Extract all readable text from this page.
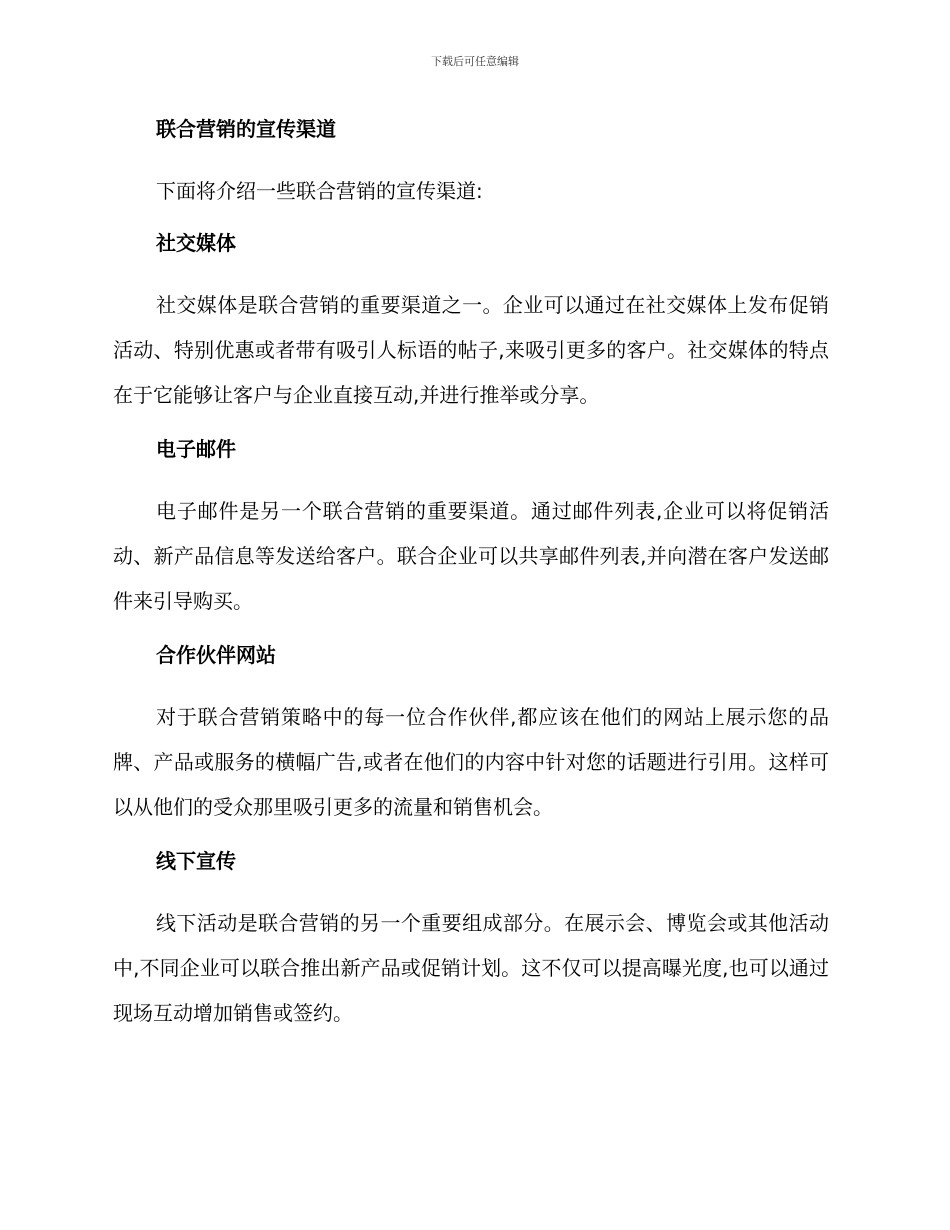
下载后可任意编辑
联合营销的宣传渠道
下面将介绍一些联合营销的宣传渠道:
社交媒体
社交媒体是联合营销的重要渠道之一。企业可以通过在社交媒体上发布促销活动、特别优惠或者带有吸引人标语的帖子,来吸引更多的客户。社交媒体的特点在于它能够让客户与企业直接互动,并进行推举或分享。
电子邮件
电子邮件是另一个联合营销的重要渠道。通过邮件列表,企业可以将促销活动、新产品信息等发送给客户。联合企业可以共享邮件列表,并向潜在客户发送邮件来引导购买。
合作伙伴网站
对于联合营销策略中的每一位合作伙伴,都应该在他们的网站上展示您的品牌、产品或服务的横幅广告,或者在他们的内容中针对您的话题进行引用。这样可以从他们的受众那里吸引更多的流量和销售机会。
线下宣传
线下活动是联合营销的另一个重要组成部分。在展示会、博览会或其他活动中,不同企业可以联合推出新产品或促销计划。这不仅可以提高曝光度,也可以通过现场互动增加销售或签约。
